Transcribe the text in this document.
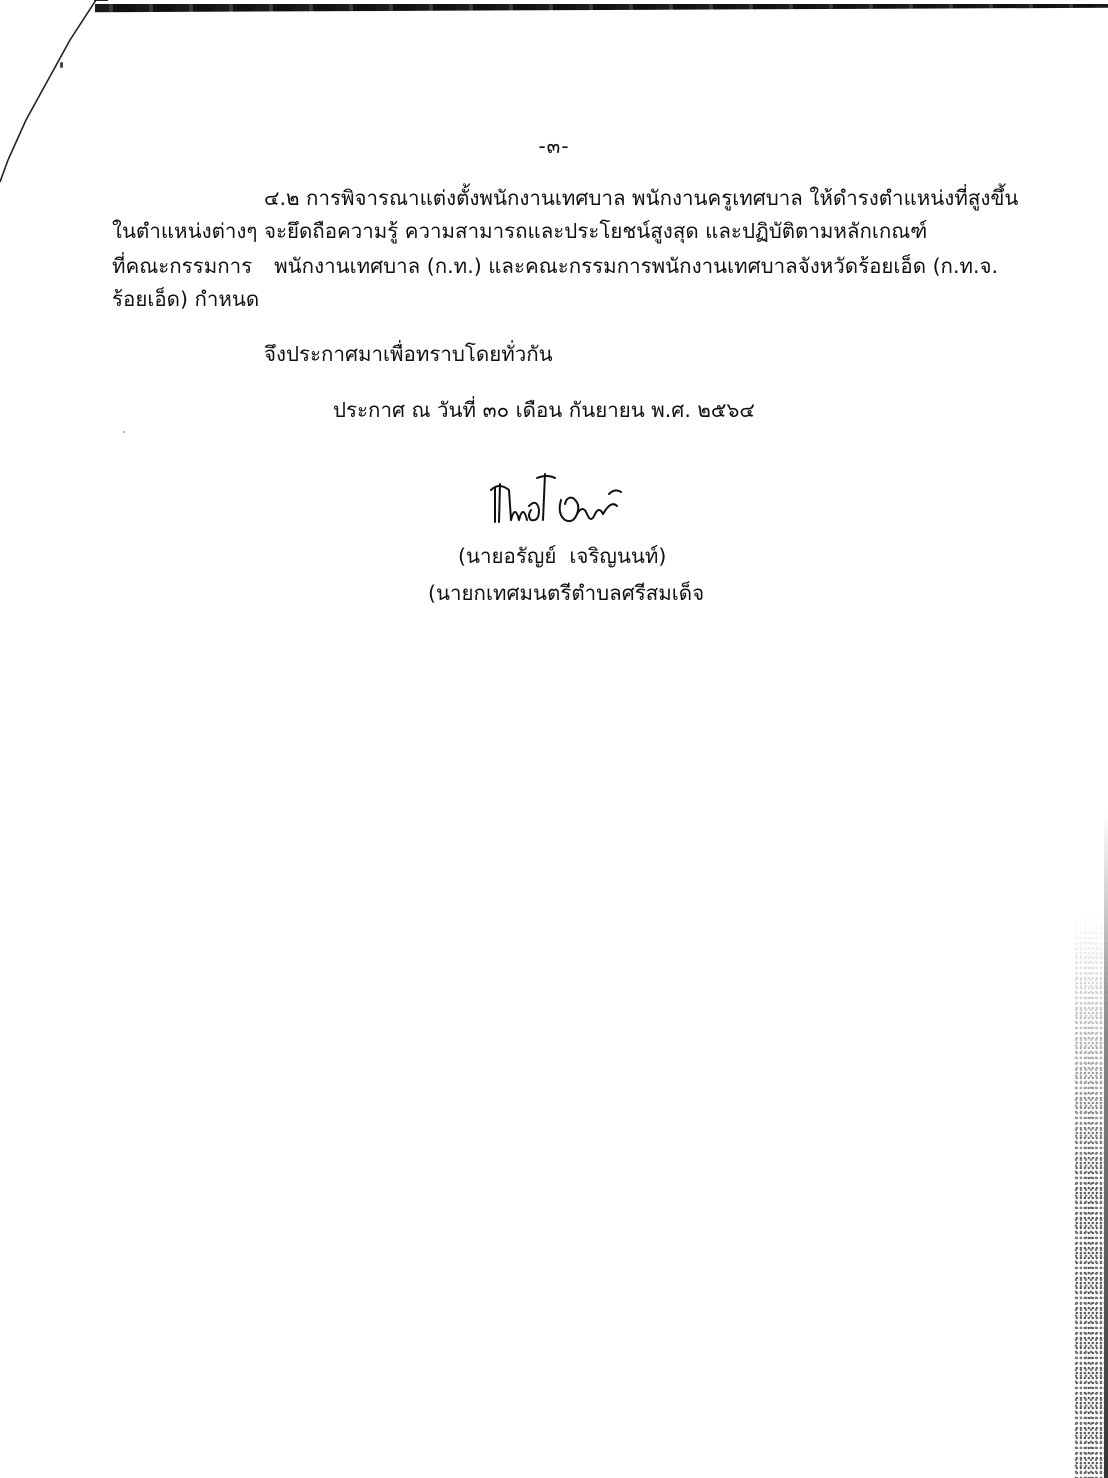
-๓-
๔.๒ การพิจารณาแต่งตั้งพนักงานเทศบาล พนักงานครูเทศบาล ให้ดำรงตำแหน่งที่สูงขึ้น
ในตำแหน่งต่างๆ จะยึดถือความรู้ ความสามารถและประโยชน์สูงสุด และปฏิบัติตามหลักเกณฑ์
ที่คณะกรรมการ พนักงานเทศบาล (ก.ท.) และคณะกรรมการพนักงานเทศบาลจังหวัดร้อยเอ็ด (ก.ท.จ.
ร้อยเอ็ด) กำหนด
จึงประกาศมาเพื่อทราบโดยทั่วกัน
ประกาศ ณ วันที่ ๓๐ เดือน กันยายน พ.ศ. ๒๕๖๔
(นายอรัญย์  เจริญนนท์)
(นายกเทศมนตรีตำบลศรีสมเด็จ
